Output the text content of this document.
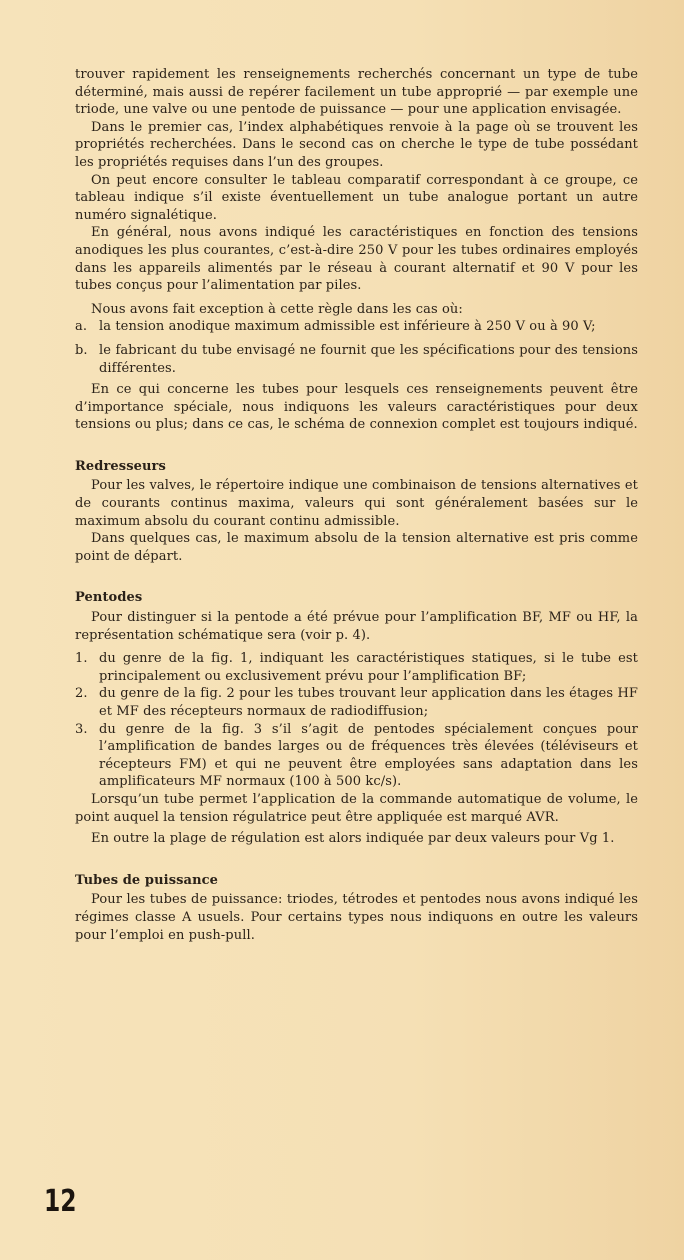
trouver rapidement les renseignements recherchés concernant un type de tube déterminé, mais aussi de repérer facilement un tube approprié — par exemple une triode, une valve ou une pentode de puissance — pour une application envisagée.

Dans le premier cas, l’index alphabétiques renvoie à la page où se trouvent les propriétés recherchées. Dans le second cas on cherche le type de tube possédant les propriétés requises dans l’un des groupes.

On peut encore consulter le tableau comparatif correspondant à ce groupe, ce tableau indique s’il existe éventuellement un tube analogue portant un autre numéro signalétique.

En général, nous avons indiqué les caractéristiques en fonction des tensions anodiques les plus courantes, c’est-à-dire 250 V pour les tubes ordinaires employés dans les appareils alimentés par le réseau à courant alternatif et 90 V pour les tubes conçus pour l’alimentation par piles.

Nous avons fait exception à cette règle dans les cas où:

a. la tension anodique maximum admissible est inférieure à 250 V ou à 90 V;

b. le fabricant du tube envisagé ne fournit que les spécifications pour des tensions différentes.

En ce qui concerne les tubes pour lesquels ces renseignements peuvent être d’importance spéciale, nous indiquons les valeurs caractéristiques pour deux tensions ou plus; dans ce cas, le schéma de connexion complet est toujours indiqué.

Redresseurs

Pour les valves, le répertoire indique une combinaison de tensions alternatives et de courants continus maxima, valeurs qui sont généralement basées sur le maximum absolu du courant continu admissible.

Dans quelques cas, le maximum absolu de la tension alternative est pris comme point de départ.

Pentodes

Pour distinguer si la pentode a été prévue pour l’amplification BF, MF ou HF, la représentation schématique sera (voir p. 4).

1. du genre de la fig. 1, indiquant les caractéristiques statiques, si le tube est principalement ou exclusivement prévu pour l’amplification BF;

2. du genre de la fig. 2 pour les tubes trouvant leur application dans les étages HF et MF des récepteurs normaux de radiodiffusion;

3. du genre de la fig. 3 s’il s’agit de pentodes spécialement conçues pour l’amplification de bandes larges ou de fréquences très élevées (téléviseurs et récepteurs FM) et qui ne peuvent être employées sans adaptation dans les amplificateurs MF normaux (100 à 500 kc/s).

Lorsqu’un tube permet l’application de la commande automatique de volume, le point auquel la tension régulatrice peut être appliquée est marqué AVR.

En outre la plage de régulation est alors indiquée par deux valeurs pour Vg 1.

Tubes de puissance

Pour les tubes de puissance: triodes, tétrodes et pentodes nous avons indiqué les régimes classe A usuels. Pour certains types nous indiquons en outre les valeurs pour l’emploi en push-pull.

12
